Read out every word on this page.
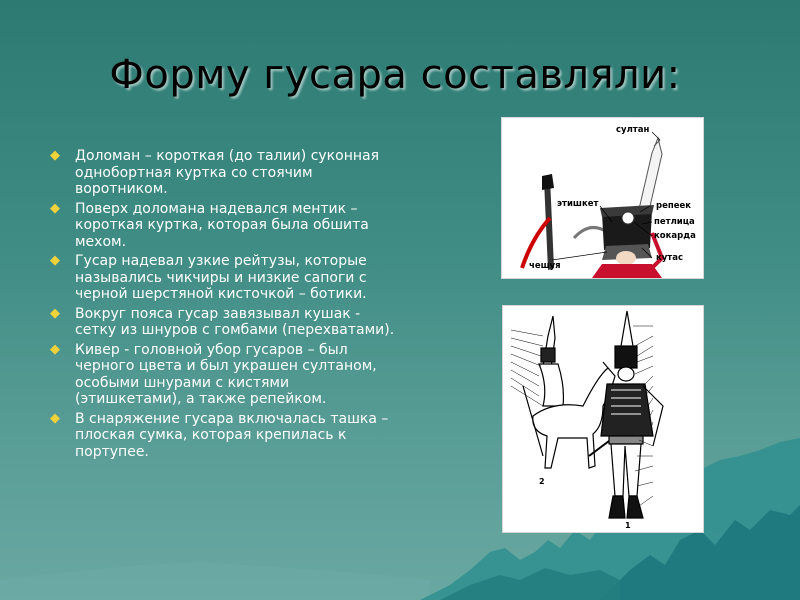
Форму гусара составляли:
◆ Доломан – короткая (до талии) суконная однобортная куртка со стоячим воротником.
◆ Поверх доломана надевался ментик – короткая куртка, которая была обшита мехом.
◆ Гусар надевал узкие рейтузы, которые назывались чикчиры и низкие сапоги с черной шерстяной кисточкой – ботики.
◆ Вокруг пояса гусар завязывал кушак - сетку из шнуров с гомбами (перехватами).
◆ Кивер - головной убор гусаров – был черного цвета и был украшен султаном, особыми шнурами с кистями (этишкетами), а также репейком.
◆ В снаряжение гусара включалась ташка – плоская сумка, которая крепилась к портупее.
султан
этишкет	репеек
петлица
кокарда
кутас
чешуя
2
1
